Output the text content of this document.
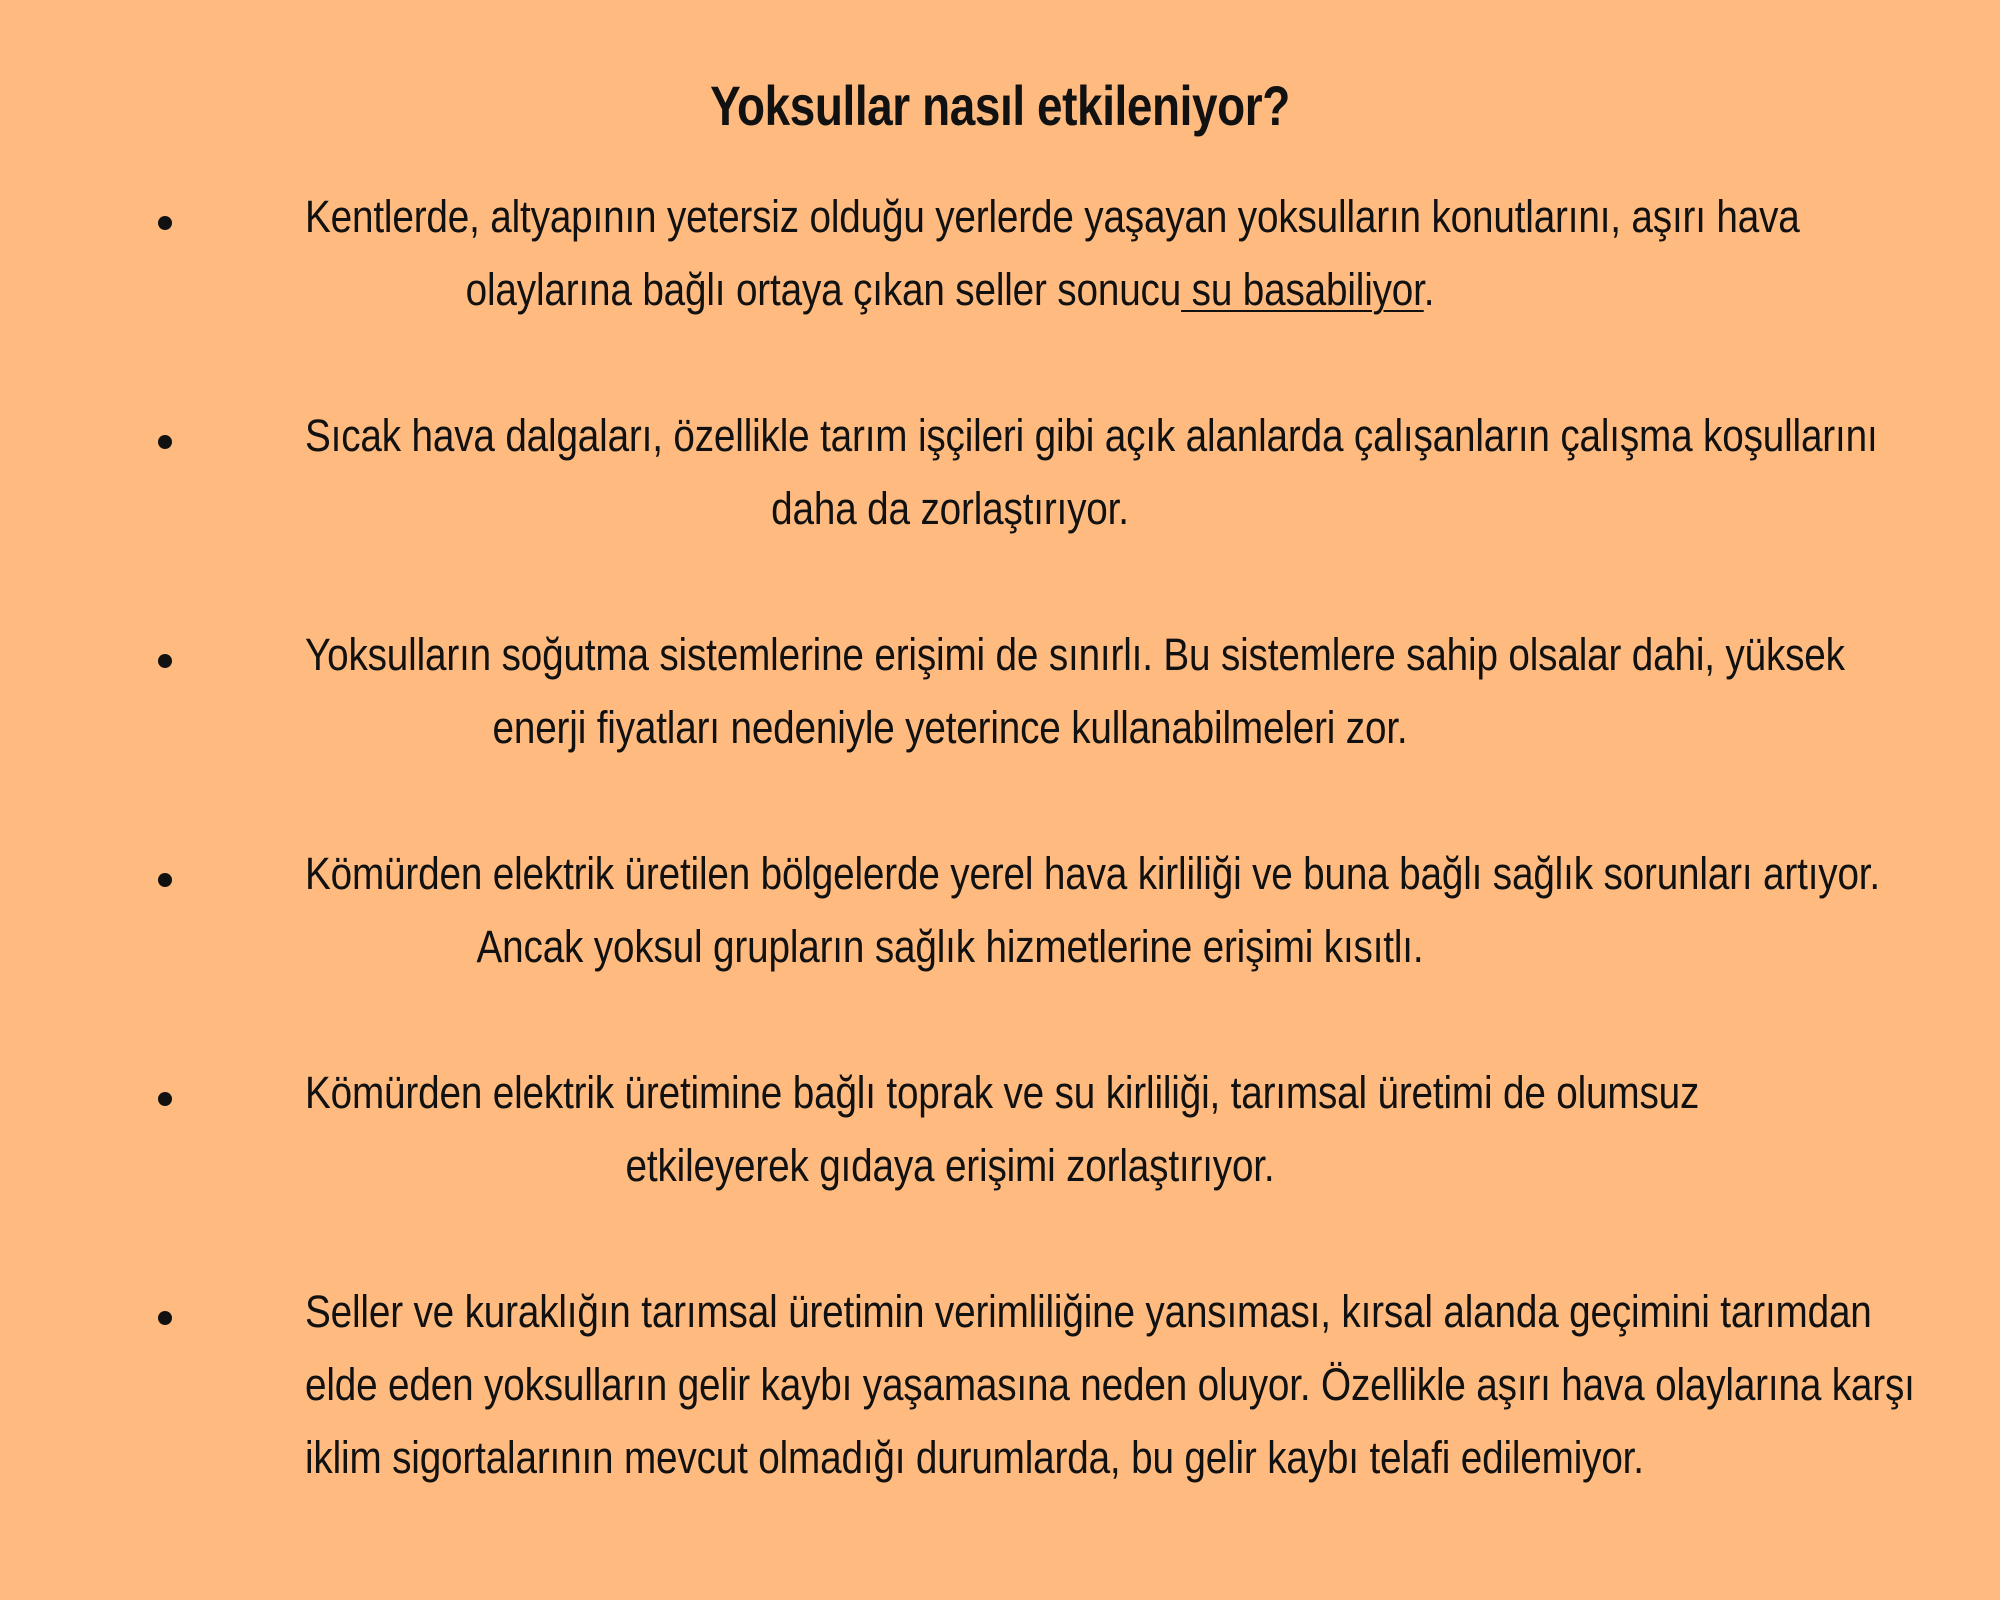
Yoksullar nasıl etkileniyor?
Kentlerde, altyapının yetersiz olduğu yerlerde yaşayan yoksulların konutlarını, aşırı hava
olaylarına bağlı ortaya çıkan seller sonucu su basabiliyor.
Sıcak hava dalgaları, özellikle tarım işçileri gibi açık alanlarda çalışanların çalışma koşullarını
daha da zorlaştırıyor.
Yoksulların soğutma sistemlerine erişimi de sınırlı. Bu sistemlere sahip olsalar dahi, yüksek
enerji fiyatları nedeniyle yeterince kullanabilmeleri zor.
Kömürden elektrik üretilen bölgelerde yerel hava kirliliği ve buna bağlı sağlık sorunları artıyor.
Ancak yoksul grupların sağlık hizmetlerine erişimi kısıtlı.
Kömürden elektrik üretimine bağlı toprak ve su kirliliği, tarımsal üretimi de olumsuz
etkileyerek gıdaya erişimi zorlaştırıyor.
Seller ve kuraklığın tarımsal üretimin verimliliğine yansıması, kırsal alanda geçimini tarımdan
elde eden yoksulların gelir kaybı yaşamasına neden oluyor. Özellikle aşırı hava olaylarına karşı
iklim sigortalarının mevcut olmadığı durumlarda, bu gelir kaybı telafi edilemiyor.
